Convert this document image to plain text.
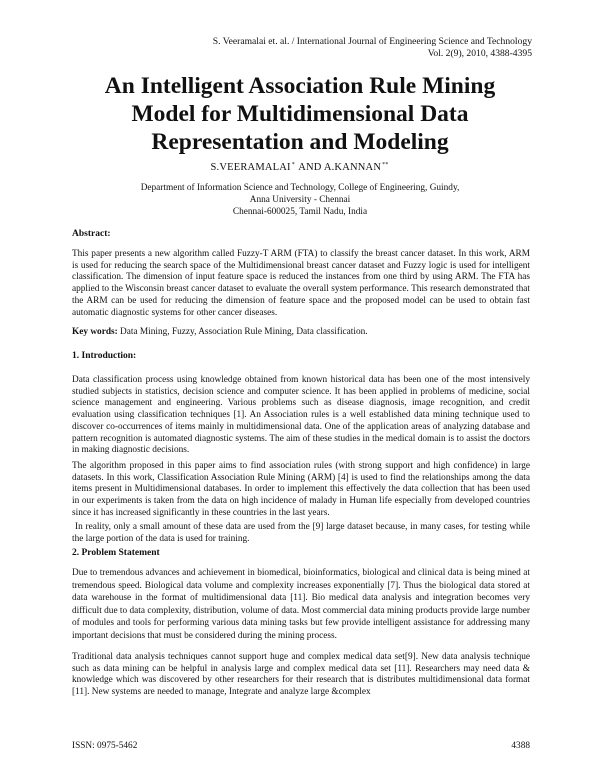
S. Veeramalai et. al. / International Journal of Engineering Science and Technology
Vol. 2(9), 2010, 4388-4395
An Intelligent Association Rule Mining
Model for Multidimensional Data
Representation and Modeling
S.VEERAMALAI* AND A.KANNAN**
Department of Information Science and Technology, College of Engineering, Guindy,
Anna University - Chennai
Chennai-600025, Tamil Nadu, India
Abstract:

This paper presents a new algorithm called Fuzzy-T ARM (FTA) to classify the breast cancer dataset. In this work, ARM is used for reducing the search space of the Multidimensional breast cancer dataset and Fuzzy logic is used for intelligent classification. The dimension of input feature space is reduced the instances from one third by using ARM. The FTA has applied to the Wisconsin breast cancer dataset to evaluate the overall system performance. This research demonstrated that the ARM can be used for reducing the dimension of feature space and the proposed model can be used to obtain fast automatic diagnostic systems for other cancer diseases.

Key words: Data Mining, Fuzzy, Association Rule Mining, Data classification.
1. Introduction:

Data classification process using knowledge obtained from known historical data has been one of the most intensively studied subjects in statistics, decision science and computer science. It has been applied in problems of medicine, social science management and engineering. Various problems such as disease diagnosis, image recognition, and credit evaluation using classification techniques [1]. An Association rules is a well established data mining technique used to discover co-occurrences of items mainly in multidimensional data. One of the application areas of analyzing database and pattern recognition is automated diagnostic systems. The aim of these studies in the medical domain is to assist the doctors in making diagnostic decisions.

The algorithm proposed in this paper aims to find association rules (with strong support and high confidence) in large datasets. In this work, Classification Association Rule Mining (ARM) [4] is used to find the relationships among the data items present in Multidimensional databases. In order to implement this effectively the data collection that has been used in our experiments is taken from the data on high incidence of malady in Human life especially from developed countries since it has increased significantly in these countries in the last years.

In reality, only a small amount of these data are used from the [9] large dataset because, in many cases, for testing while the large portion of the data is used for training.

2. Problem Statement

Due to tremendous advances and achievement in biomedical, bioinformatics, biological and clinical data is being mined at tremendous speed. Biological data volume and complexity increases exponentially [7]. Thus the biological data stored at data warehouse in the format of multidimensional data [11]. Bio medical data analysis and integration becomes very difficult due to data complexity, distribution, volume of data. Most commercial data mining products provide large number of modules and tools for performing various data mining tasks but few provide intelligent assistance for addressing many important decisions that must be considered during the mining process.

Traditional data analysis techniques cannot support huge and complex medical data set[9]. New data analysis technique such as data mining can be helpful in analysis large and complex medical data set [11]. Researchers may need data & knowledge which was discovered by other researchers for their research that is distributes multidimensional data format [11]. New systems are needed to manage, Integrate and analyze large &complex

ISSN: 0975-5462	4388
